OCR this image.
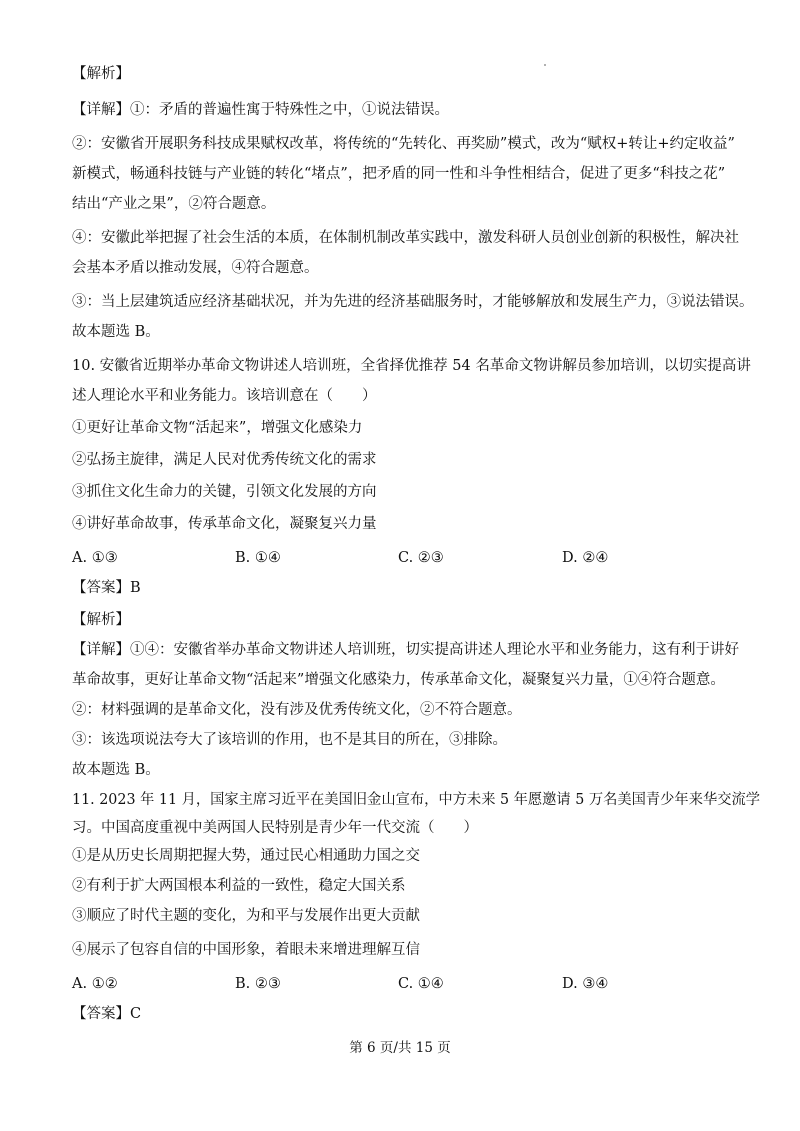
【解析】
【详解】①：矛盾的普遍性寓于特殊性之中，①说法错误。
②：安徽省开展职务科技成果赋权改革，将传统的“先转化、再奖励”模式，改为“赋权+转让+约定收益”
新模式，畅通科技链与产业链的转化“堵点”，把矛盾的同一性和斗争性相结合，促进了更多“科技之花”
结出“产业之果”，②符合题意。
④：安徽此举把握了社会生活的本质，在体制机制改革实践中，激发科研人员创业创新的积极性，解决社
会基本矛盾以推动发展，④符合题意。
③：当上层建筑适应经济基础状况，并为先进的经济基础服务时，才能够解放和发展生产力，③说法错误。
故本题选 B。
10. 安徽省近期举办革命文物讲述人培训班，全省择优推荐 54 名革命文物讲解员参加培训，以切实提高讲
述人理论水平和业务能力。该培训意在（　　）
①更好让革命文物“活起来”，增强文化感染力
②弘扬主旋律，满足人民对优秀传统文化的需求
③抓住文化生命力的关键，引领文化发展的方向
④讲好革命故事，传承革命文化，凝聚复兴力量
A. ①③	B. ①④	C. ②③	D. ②④
【答案】B
【解析】
【详解】①④：安徽省举办革命文物讲述人培训班，切实提高讲述人理论水平和业务能力，这有利于讲好
革命故事，更好让革命文物“活起来”增强文化感染力，传承革命文化，凝聚复兴力量，①④符合题意。
②：材料强调的是革命文化，没有涉及优秀传统文化，②不符合题意。
③：该选项说法夸大了该培训的作用，也不是其目的所在，③排除。
故本题选 B。
11. 2023 年 11 月，国家主席习近平在美国旧金山宣布，中方未来 5 年愿邀请 5 万名美国青少年来华交流学
习。中国高度重视中美两国人民特别是青少年一代交流（　　）
①是从历史长周期把握大势，通过民心相通助力国之交
②有利于扩大两国根本利益的一致性，稳定大国关系
③顺应了时代主题的变化，为和平与发展作出更大贡献
④展示了包容自信的中国形象，着眼未来增进理解互信
A. ①②	B. ②③	C. ①④	D. ③④
【答案】C
第 6 页/共 15 页
